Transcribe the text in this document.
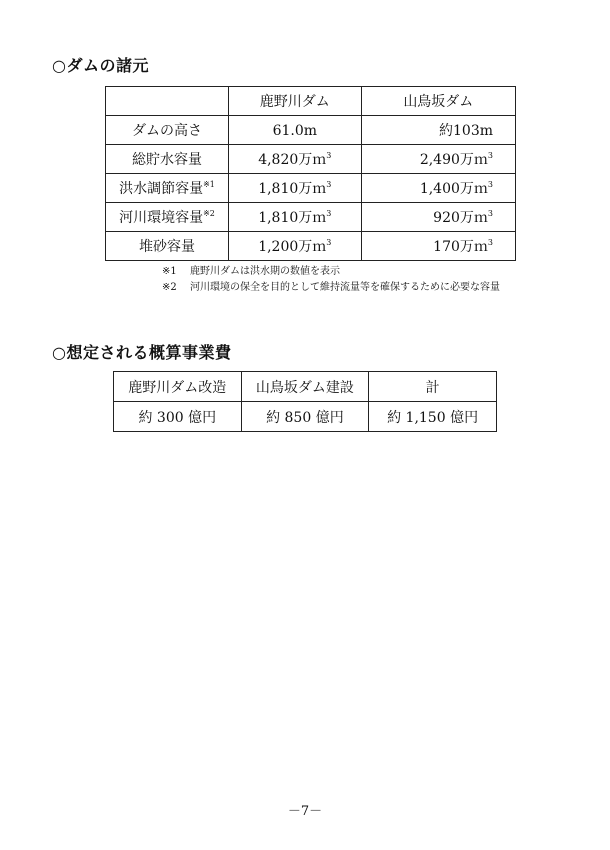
○ダムの諸元
	鹿野川ダム	山鳥坂ダム
ダムの高さ	61.0m	約103m
総貯水容量	4,820万ｍ$^3$	2,490万ｍ$^3$
洪水調節容量$^{※1}$	1,810万ｍ$^3$	1,400万ｍ$^3$
河川環境容量$^{※2}$	1,810万ｍ$^3$	920万ｍ$^3$
堆砂容量	1,200万ｍ$^3$	170万ｍ$^3$
※1 鹿野川ダムは洪水期の数値を表示
※2 河川環境の保全を目的として維持流量等を確保するために必要な容量
○想定される概算事業費
鹿野川ダム改造	山鳥坂ダム建設	計
約 300 億円	約 850 億円	約 1,150 億円
－7－
